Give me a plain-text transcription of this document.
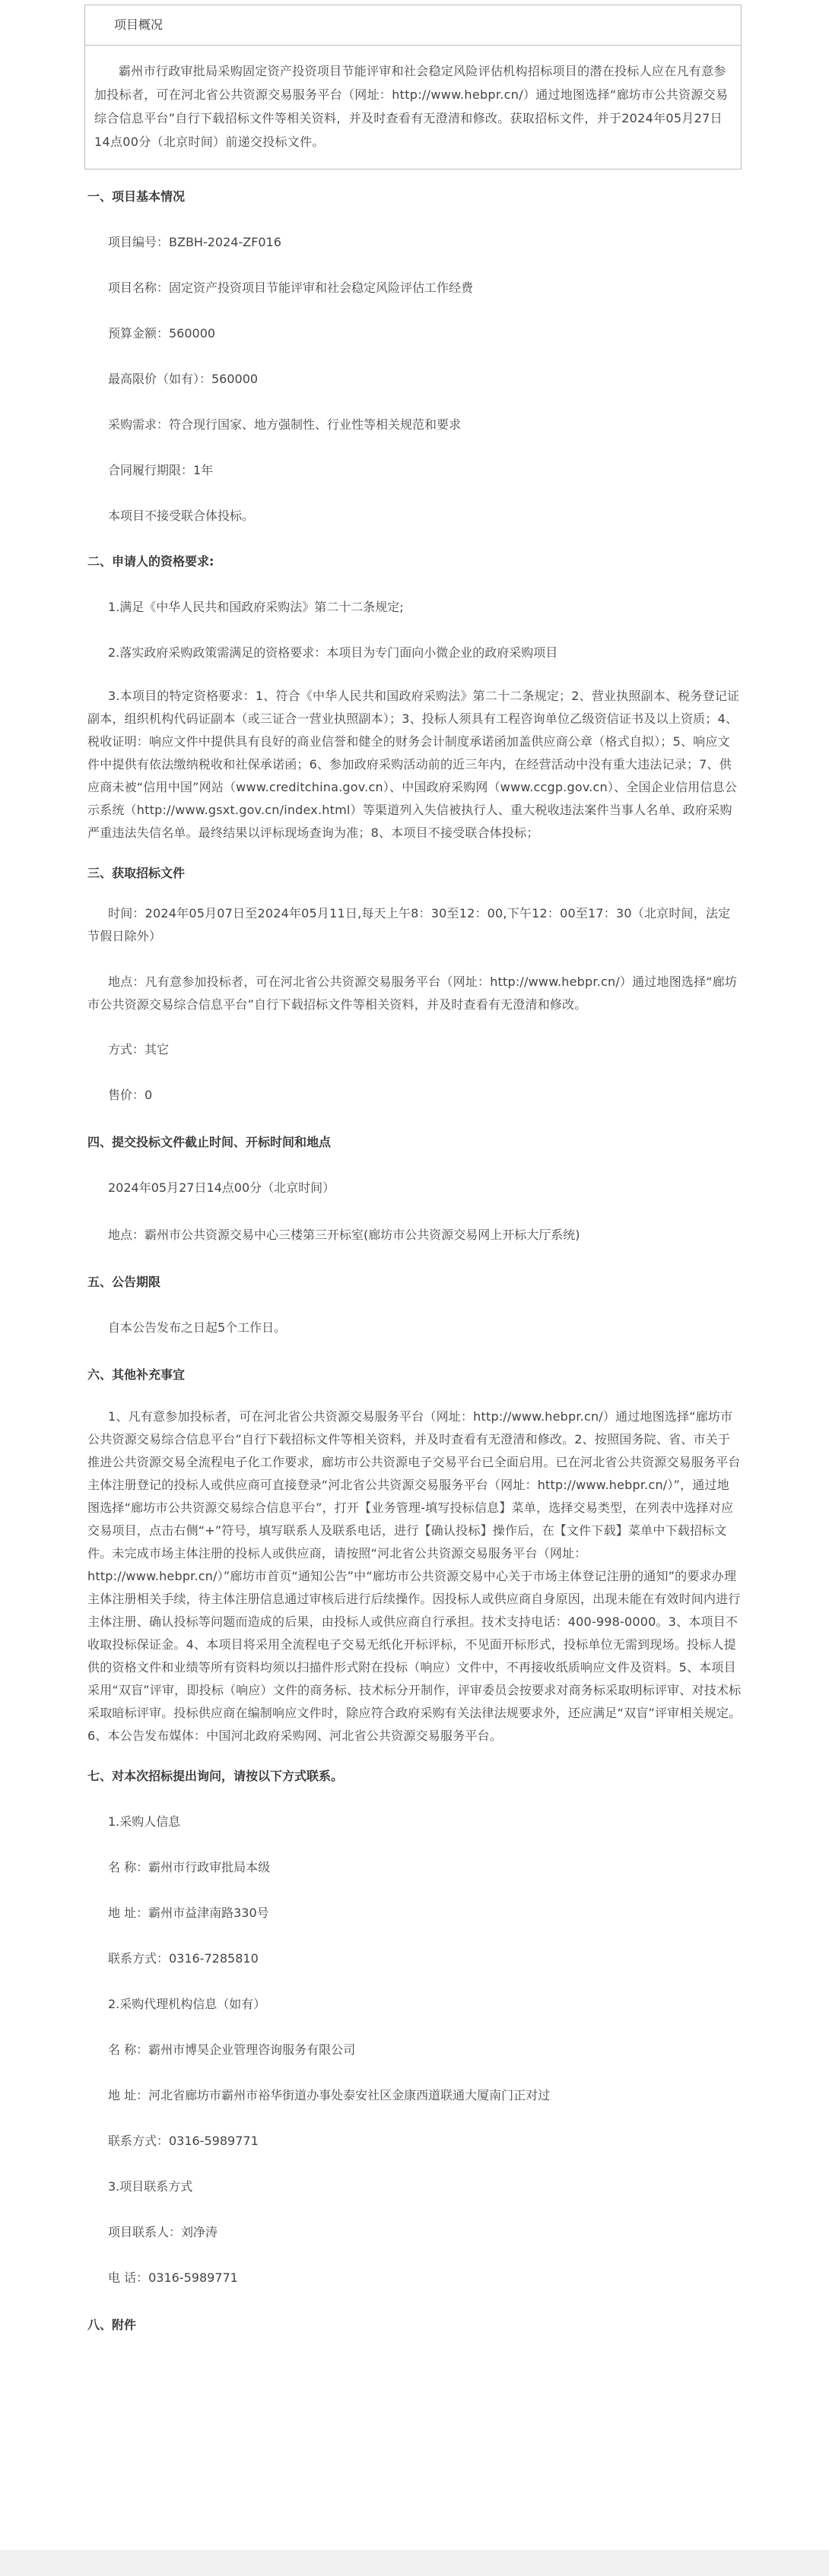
项目概况
霸州市行政审批局采购固定资产投资项目节能评审和社会稳定风险评估机构招标项目的潜在投标人应在凡有意参加投标者，可在河北省公共资源交易服务平台（网址：http://www.hebpr.cn/）通过地图选择“廊坊市公共资源交易综合信息平台”自行下载招标文件等相关资料，并及时查看有无澄清和修改。获取招标文件，并于2024年05月27日14点00分（北京时间）前递交投标文件。

一、项目基本情况

项目编号：BZBH-2024-ZF016

项目名称：固定资产投资项目节能评审和社会稳定风险评估工作经费

预算金额：560000

最高限价（如有）：560000

采购需求：符合现行国家、地方强制性、行业性等相关规范和要求

合同履行期限：1年

本项目不接受联合体投标。

二、申请人的资格要求:

1.满足《中华人民共和国政府采购法》第二十二条规定;

2.落实政府采购政策需满足的资格要求：本项目为专门面向小微企业的政府采购项目

3.本项目的特定资格要求：1、符合《中华人民共和国政府采购法》第二十二条规定；2、营业执照副本、税务登记证副本，组织机构代码证副本（或三证合一营业执照副本）；3、投标人须具有工程咨询单位乙级资信证书及以上资质；4、税收证明：响应文件中提供具有良好的商业信誉和健全的财务会计制度承诺函加盖供应商公章（格式自拟）；5、响应文件中提供有依法缴纳税收和社保承诺函；6、参加政府采购活动前的近三年内，在经营活动中没有重大违法记录；7、供应商未被“信用中国”网站（www.creditchina.gov.cn）、中国政府采购网（www.ccgp.gov.cn）、全国企业信用信息公示系统（http://www.gsxt.gov.cn/index.html）等渠道列入失信被执行人、重大税收违法案件当事人名单、政府采购严重违法失信名单。最终结果以评标现场查询为准；8、本项目不接受联合体投标；

三、获取招标文件

时间：2024年05月07日至2024年05月11日,每天上午8：30至12：00,下午12：00至17：30（北京时间，法定节假日除外）

地点：凡有意参加投标者，可在河北省公共资源交易服务平台（网址：http://www.hebpr.cn/）通过地图选择“廊坊市公共资源交易综合信息平台”自行下载招标文件等相关资料，并及时查看有无澄清和修改。

方式：其它

售价：0

四、提交投标文件截止时间、开标时间和地点

2024年05月27日14点00分（北京时间）

地点：霸州市公共资源交易中心三楼第三开标室(廊坊市公共资源交易网上开标大厅系统)

五、公告期限

自本公告发布之日起5个工作日。

六、其他补充事宜

1、凡有意参加投标者，可在河北省公共资源交易服务平台（网址：http://www.hebpr.cn/）通过地图选择“廊坊市公共资源交易综合信息平台”自行下载招标文件等相关资料，并及时查看有无澄清和修改。2、按照国务院、省、市关于推进公共资源交易全流程电子化工作要求，廊坊市公共资源电子交易平台已全面启用。已在河北省公共资源交易服务平台主体注册登记的投标人或供应商可直接登录“河北省公共资源交易服务平台（网址：http://www.hebpr.cn/）”，通过地图选择“廊坊市公共资源交易综合信息平台”，打开【业务管理-填写投标信息】菜单，选择交易类型，在列表中选择对应交易项目，点击右侧“+”符号，填写联系人及联系电话，进行【确认投标】操作后，在【文件下载】菜单中下载招标文件。未完成市场主体注册的投标人或供应商，请按照“河北省公共资源交易服务平台（网址：http://www.hebpr.cn/）”廊坊市首页“通知公告”中“廊坊市公共资源交易中心关于市场主体登记注册的通知”的要求办理主体注册相关手续，待主体注册信息通过审核后进行后续操作。因投标人或供应商自身原因，出现未能在有效时间内进行主体注册、确认投标等问题而造成的后果，由投标人或供应商自行承担。技术支持电话：400-998-0000。3、本项目不收取投标保证金。4、本项目将采用全流程电子交易无纸化开标评标，不见面开标形式，投标单位无需到现场。投标人提供的资格文件和业绩等所有资料均须以扫描件形式附在投标（响应）文件中，不再接收纸质响应文件及资料。5、本项目采用“双盲”评审，即投标（响应）文件的商务标、技术标分开制作，评审委员会按要求对商务标采取明标评审、对技术标采取暗标评审。投标供应商在编制响应文件时，除应符合政府采购有关法律法规要求外，还应满足“双盲”评审相关规定。6、本公告发布媒体：中国河北政府采购网、河北省公共资源交易服务平台。

七、对本次招标提出询问，请按以下方式联系。

1.采购人信息

名 称：霸州市行政审批局本级

地 址：霸州市益津南路330号

联系方式：0316-7285810

2.采购代理机构信息（如有）

名 称：霸州市博昊企业管理咨询服务有限公司

地 址：河北省廊坊市霸州市裕华街道办事处泰安社区金康西道联通大厦南门正对过

联系方式：0316-5989771

3.项目联系方式

项目联系人：刘净涛

电 话：0316-5989771

八、附件
